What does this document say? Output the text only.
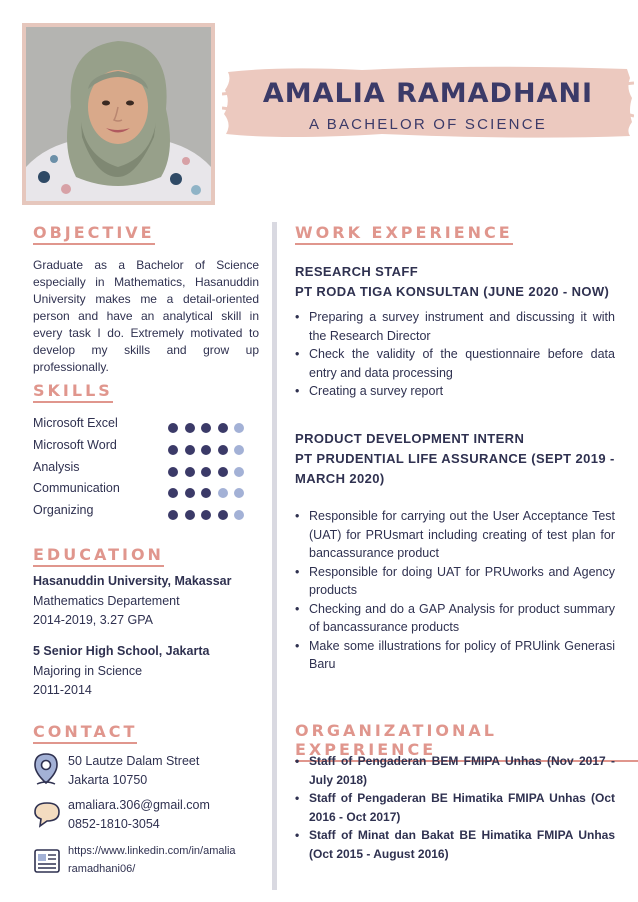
AMALIA RAMADHANI
A BACHELOR OF SCIENCE
OBJECTIVE
Graduate as a Bachelor of Science especially in Mathematics, Hasanuddin University makes me a detail-oriented person and have an analytical skill in every task I do. Extremely motivated to develop my skills and grow up professionally.
SKILLS
Microsoft Excel
Microsoft Word
Analysis
Communication
Organizing
EDUCATION
Hasanuddin University, Makassar
Mathematics Departement
2014-2019, 3.27 GPA
5 Senior High School, Jakarta
Majoring in Science
2011-2014
CONTACT
50 Lautze Dalam Street
Jakarta 10750
amaliara.306@gmail.com
0852-1810-3054
https://www.linkedin.com/in/amalia
ramadhani06/
WORK EXPERIENCE
RESEARCH STAFF
PT RODA TIGA KONSULTAN (JUNE 2020 - NOW)
• Preparing a survey instrument and discussing it with the Research Director
• Check the validity of the questionnaire before data entry and data processing
• Creating a survey report
PRODUCT DEVELOPMENT INTERN
PT PRUDENTIAL LIFE ASSURANCE (SEPT 2019 - MARCH 2020)
• Responsible for carrying out the User Acceptance Test (UAT) for PRUsmart including creating of test plan for bancassurance product
• Responsible for doing UAT for PRUworks and Agency products
• Checking and do a GAP Analysis for product summary of bancassurance products
• Make some illustrations for policy of PRUlink Generasi Baru
ORGANIZATIONAL EXPERIENCE
• Staff of Pengaderan BEM FMIPA Unhas (Nov 2017 - July 2018)
• Staff of Pengaderan BE Himatika FMIPA Unhas (Oct 2016 - Oct 2017)
• Staff of Minat dan Bakat BE Himatika FMIPA Unhas (Oct 2015 - August 2016)
